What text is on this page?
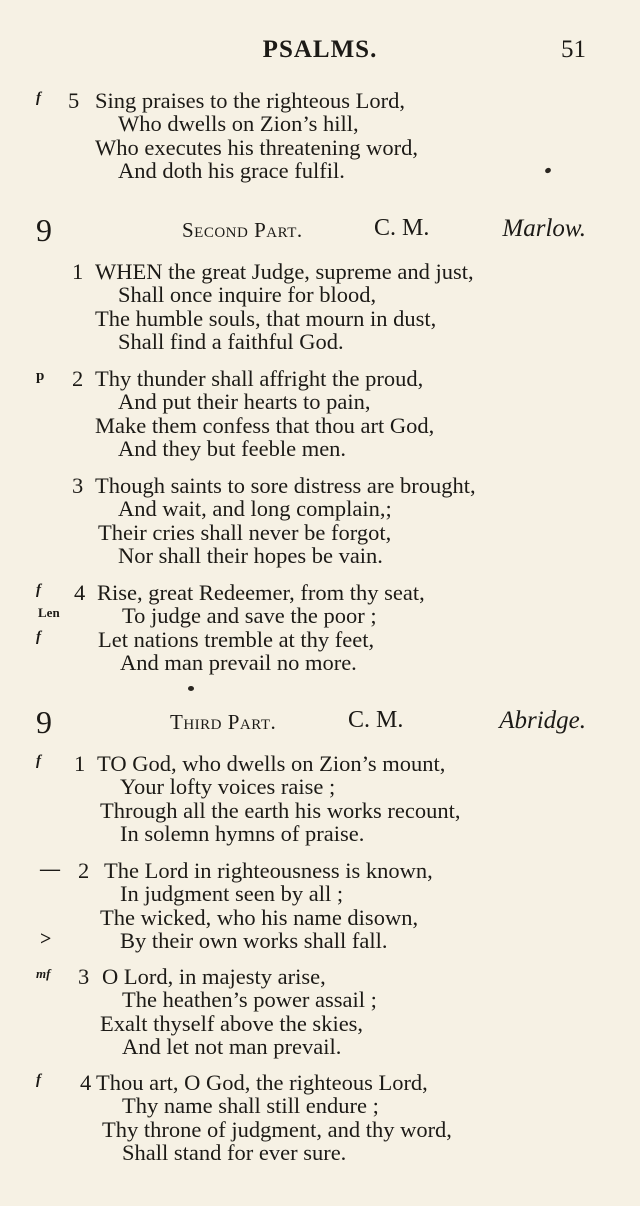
PSALMS.	51
f 5 Sing praises to the righteous Lord,
Who dwells on Zion’s hill,
Who executes his threatening word,
And doth his grace fulfil.
9	Second Part.	C. M.	Marlow.
1 WHEN the great Judge, supreme and just,
Shall once inquire for blood,
The humble souls, that mourn in dust,
Shall find a faithful God.
p 2 Thy thunder shall affright the proud,
And put their hearts to pain,
Make them confess that thou art God,
And they but feeble men.
3 Though saints to sore distress are brought,
And wait, and long complain,;
Their cries shall never be forgot,
Nor shall their hopes be vain.
f 4 Rise, great Redeemer, from thy seat,
Len	To judge and save the poor ;
f	Let nations tremble at thy feet,
And man prevail no more.
9	Third Part.	C. M.	Abridge.
f 1 TO God, who dwells on Zion’s mount,
Your lofty voices raise ;
Through all the earth his works recount,
In solemn hymns of praise.
— 2 The Lord in righteousness is known,
In judgment seen by all ;
The wicked, who his name disown,
>	By their own works shall fall.
mf 3 O Lord, in majesty arise,
The heathen’s power assail ;
Exalt thyself above the skies,
And let not man prevail.
f 4 Thou art, O God, the righteous Lord,
Thy name shall still endure ;
Thy throne of judgment, and thy word,
Shall stand for ever sure.
